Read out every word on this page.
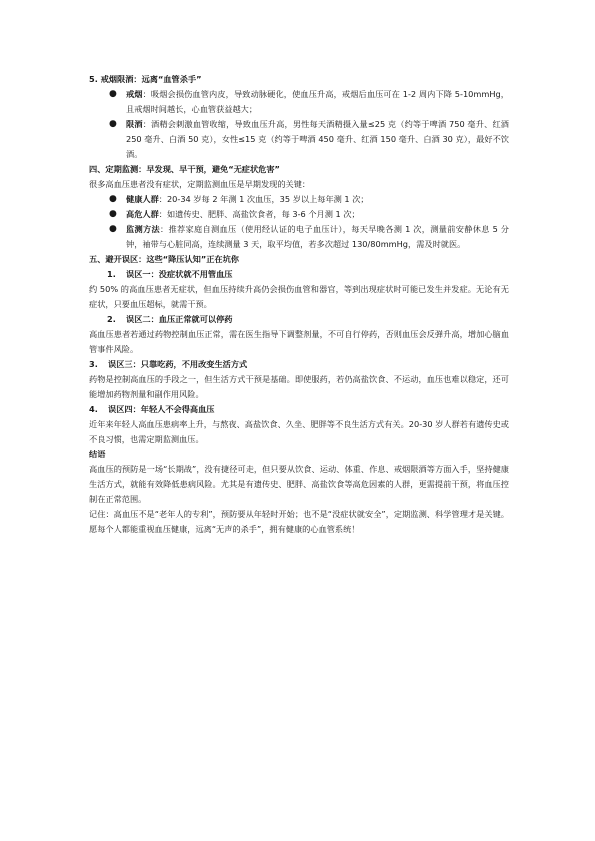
5. 戒烟限酒：远离“血管杀手”

● 戒烟：吸烟会损伤血管内皮，导致动脉硬化，使血压升高，戒烟后血压可在 1-2 周内下降 5-10mmHg，且戒烟时间越长，心血管获益越大；
● 限酒：酒精会刺激血管收缩，导致血压升高，男性每天酒精摄入量≤25 克（约等于啤酒 750 毫升、红酒 250 毫升、白酒 50 克），女性≤15 克（约等于啤酒 450 毫升、红酒 150 毫升、白酒 30 克），最好不饮酒。

四、定期监测：早发现、早干预，避免“无症状危害”

很多高血压患者没有症状，定期监测血压是早期发现的关键：

● 健康人群：20-34 岁每 2 年测 1 次血压，35 岁以上每年测 1 次；
● 高危人群：如遗传史、肥胖、高盐饮食者，每 3-6 个月测 1 次；
● 监测方法：推荐家庭自测血压（使用经认证的电子血压计），每天早晚各测 1 次，测量前安静休息 5 分钟，袖带与心脏同高，连续测量 3 天，取平均值，若多次超过 130/80mmHg，需及时就医。

五、避开误区：这些“降压认知”正在坑你

1. 误区一：没症状就不用管血压

约 50% 的高血压患者无症状，但血压持续升高仍会损伤血管和器官，等到出现症状时可能已发生并发症。无论有无症状，只要血压超标，就需干预。

2. 误区二：血压正常就可以停药

高血压患者若通过药物控制血压正常，需在医生指导下调整剂量，不可自行停药，否则血压会反弹升高，增加心脑血管事件风险。

3. 误区三：只靠吃药，不用改变生活方式

药物是控制高血压的手段之一，但生活方式干预是基础。即使服药，若仍高盐饮食、不运动，血压也难以稳定，还可能增加药物剂量和副作用风险。

4. 误区四：年轻人不会得高血压

近年来年轻人高血压患病率上升，与熬夜、高盐饮食、久坐、肥胖等不良生活方式有关。20-30 岁人群若有遗传史或不良习惯，也需定期监测血压。

结语

高血压的预防是一场“长期战”，没有捷径可走，但只要从饮食、运动、体重、作息、戒烟限酒等方面入手，坚持健康生活方式，就能有效降低患病风险。尤其是有遗传史、肥胖、高盐饮食等高危因素的人群，更需提前干预，将血压控制在正常范围。

记住：高血压不是“老年人的专利”，预防要从年轻时开始；也不是“没症状就安全”，定期监测、科学管理才是关键。愿每个人都能重视血压健康，远离“无声的杀手”，拥有健康的心血管系统！
